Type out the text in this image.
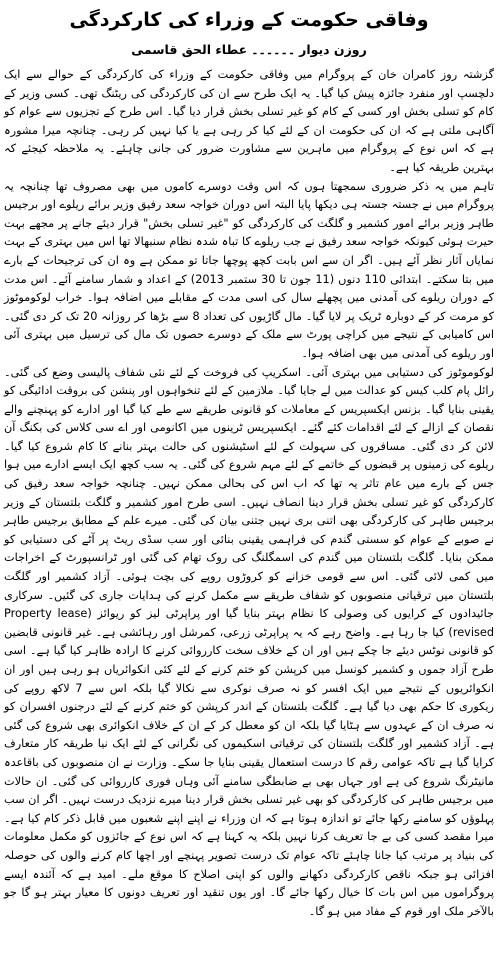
وفاقی حکومت کے وزراء کی کارکردگی
روزن دیوار۔۔۔۔۔۔عطاء الحق قاسمی

گزشتہ روز کامران خان کے پروگرام میں وفاقی حکومت کے وزراء کی کارکردگی کے حوالے سے ایک دلچسپ اور منفرد جائزہ پیش کیا گیا۔ یہ ایک طرح سے ان کی کارکردگی کی ریٹنگ تھی۔ کسی وزیر کے کام کو تسلی بخش اور کسی کے کام کو غیر تسلی بخش قرار دیا گیا۔ اس طرح کے تجزیوں سے عوام کو آگاہی ملتی ہے کہ ان کی حکومت ان کے لئے کیا کر رہی ہے یا کیا نہیں کر رہی۔ چنانچہ میرا مشورہ ہے کہ اس نوع کے پروگرام میں ماہرین سے مشاورت ضرور کی جانی چاہئے۔ یہ ملاحظہ کیجئے کہ بہترین طریقہ کیا ہے۔

تاہم میں یہ ذکر ضروری سمجھتا ہوں کہ اس وقت دوسرے کاموں میں بھی مصروف تھا چنانچہ یہ پروگرام میں نے جستہ جستہ ہی دیکھا پایا البتہ اس دوران خواجہ سعد رفیق وزیر برائے ریلوے اور برجیس طاہر وزیر برائے امور کشمیر و گلگت کی کارکردگی کو "غیر تسلی بخش" قرار دیئے جانے پر مجھے بہت حیرت ہوئی کیونکہ خواجہ سعد رفیق نے جب ریلوے کا تباہ شدہ نظام سنبھالا تھا اس میں بہتری کے بہت نمایاں آثار نظر آئے ہیں۔ اگر ان سے اس بابت کچھ پوچھا جاتا تو ممکن ہے وہ ان کی ترجیحات کے بارے میں بتا سکتے۔ ابتدائی 110 دنوں (11 جون تا 30 ستمبر 2013) کے اعداد و شمار سامنے آئے۔ اس مدت کے دوران ریلوے کی آمدنی میں پچھلے سال کی اسی مدت کے مقابلے میں اضافہ ہوا۔ خراب لوکوموٹوز کو مرمت کر کے دوبارہ ٹریک پر لایا گیا۔ مال گاڑیوں کی تعداد 8 سے بڑھا کر روزانہ 20 تک کر دی گئی۔ اس کامیابی کے نتیجے میں کراچی پورٹ سے ملک کے دوسرے حصوں تک مال کی ترسیل میں بہتری آئی اور ریلوے کی آمدنی میں بھی اضافہ ہوا۔

لوکوموٹوز کی دستیابی میں بہتری آئی۔ اسکریپ کی فروخت کے لئے نئی شفاف پالیسی وضع کی گئی۔ رائل پام کلب کیس کو عدالت میں لے جایا گیا۔ ملازمین کے لئے تنخواہوں اور پنشن کی بروقت ادائیگی کو یقینی بنایا گیا۔ بزنس ایکسپریس کے معاملات کو قانونی طریقے سے طے کیا گیا اور ادارے کو پہنچنے والے نقصان کے ازالے کے لئے اقدامات کئے گئے۔ ایکسپریس ٹرینوں میں اکانومی اور اے سی کلاس کی بکنگ آن لائن کر دی گئی۔ مسافروں کی سہولت کے لئے اسٹیشنوں کی حالت بہتر بنانے کا کام شروع کیا گیا۔ ریلوے کی زمینوں پر قبضوں کے خاتمے کے لئے مہم شروع کی گئی۔ یہ سب کچھ ایک ایسے ادارے میں ہوا جس کے بارے میں عام تاثر یہ تھا کہ اب اس کی بحالی ممکن نہیں۔ چنانچہ خواجہ سعد رفیق کی کارکردگی کو غیر تسلی بخش قرار دینا انصاف نہیں۔ اسی طرح امور کشمیر و گلگت بلتستان کے وزیر برجیس طاہر کی کارکردگی بھی اتنی بری نہیں جتنی بیان کی گئی۔ میرے علم کے مطابق برجیس طاہر نے صوبے کے عوام کو سستی گندم کی فراہمی یقینی بنائی اور سب سڈی ریٹ پر آٹے کی دستیابی کو ممکن بنایا۔ گلگت بلتستان میں گندم کی اسمگلنگ کی روک تھام کی گئی اور ٹرانسپورٹ کے اخراجات میں کمی لائی گئی۔ اس سے قومی خزانے کو کروڑوں روپے کی بچت ہوئی۔ آزاد کشمیر اور گلگت بلتستان میں ترقیاتی منصوبوں کو شفاف طریقے سے مکمل کرنے کی ہدایات جاری کی گئیں۔ سرکاری جائیدادوں کے کرایوں کی وصولی کا نظام بہتر بنایا گیا اور پراپرٹی لیز کو ریوائز (Property lease revised) کیا جا رہا ہے۔ واضح رہے کہ یہ پراپرٹی زرعی، کمرشل اور رہائشی ہے۔ غیر قانونی قابضین کو قانونی نوٹس دیئے جا چکے ہیں اور ان کے خلاف سخت کارروائی کرنے کا ارادہ ظاہر کیا گیا ہے۔ اسی طرح آزاد جموں و کشمیر کونسل میں کرپشن کو ختم کرنے کے لئے کئی انکوائریاں ہو رہی ہیں اور ان انکوائریوں کے نتیجے میں ایک افسر کو نہ صرف نوکری سے نکالا گیا بلکہ اس سے 7 لاکھ روپے کی ریکوری کا حکم بھی دیا گیا ہے۔ گلگت بلتستان کے اندر کرپشن کو ختم کرنے کے لئے درجنوں افسران کو نہ صرف ان کے عہدوں سے ہٹایا گیا بلکہ ان کو معطل کر کے ان کے خلاف انکوائری بھی شروع کی گئی ہے۔ آزاد کشمیر اور گلگت بلتستان کی ترقیاتی اسکیموں کی نگرانی کے لئے ایک نیا طریقہ کار متعارف کرایا گیا ہے تاکہ عوامی رقم کا درست استعمال یقینی بنایا جا سکے۔ وزارت نے ان منصوبوں کی باقاعدہ مانیٹرنگ شروع کی ہے اور جہاں بھی بے ضابطگی سامنے آئی وہاں فوری کارروائی کی گئی۔ ان حالات میں برجیس طاہر کی کارکردگی کو بھی غیر تسلی بخش قرار دینا میرے نزدیک درست نہیں۔ اگر ان سب پہلوؤں کو سامنے رکھا جائے تو اندازہ ہوتا ہے کہ ان وزراء نے اپنے اپنے شعبوں میں قابل ذکر کام کیا ہے۔ میرا مقصد کسی کی بے جا تعریف کرنا نہیں بلکہ یہ کہنا ہے کہ اس نوع کے جائزوں کو مکمل معلومات کی بنیاد پر مرتب کیا جانا چاہئے تاکہ عوام تک درست تصویر پہنچے اور اچھا کام کرنے والوں کی حوصلہ افزائی ہو جبکہ ناقص کارکردگی دکھانے والوں کو اپنی اصلاح کا موقع ملے۔ امید ہے کہ آئندہ ایسے پروگراموں میں اس بات کا خیال رکھا جائے گا۔ اور یوں تنقید اور تعریف دونوں کا معیار بہتر ہو گا جو بالآخر ملک اور قوم کے مفاد میں ہو گا۔
